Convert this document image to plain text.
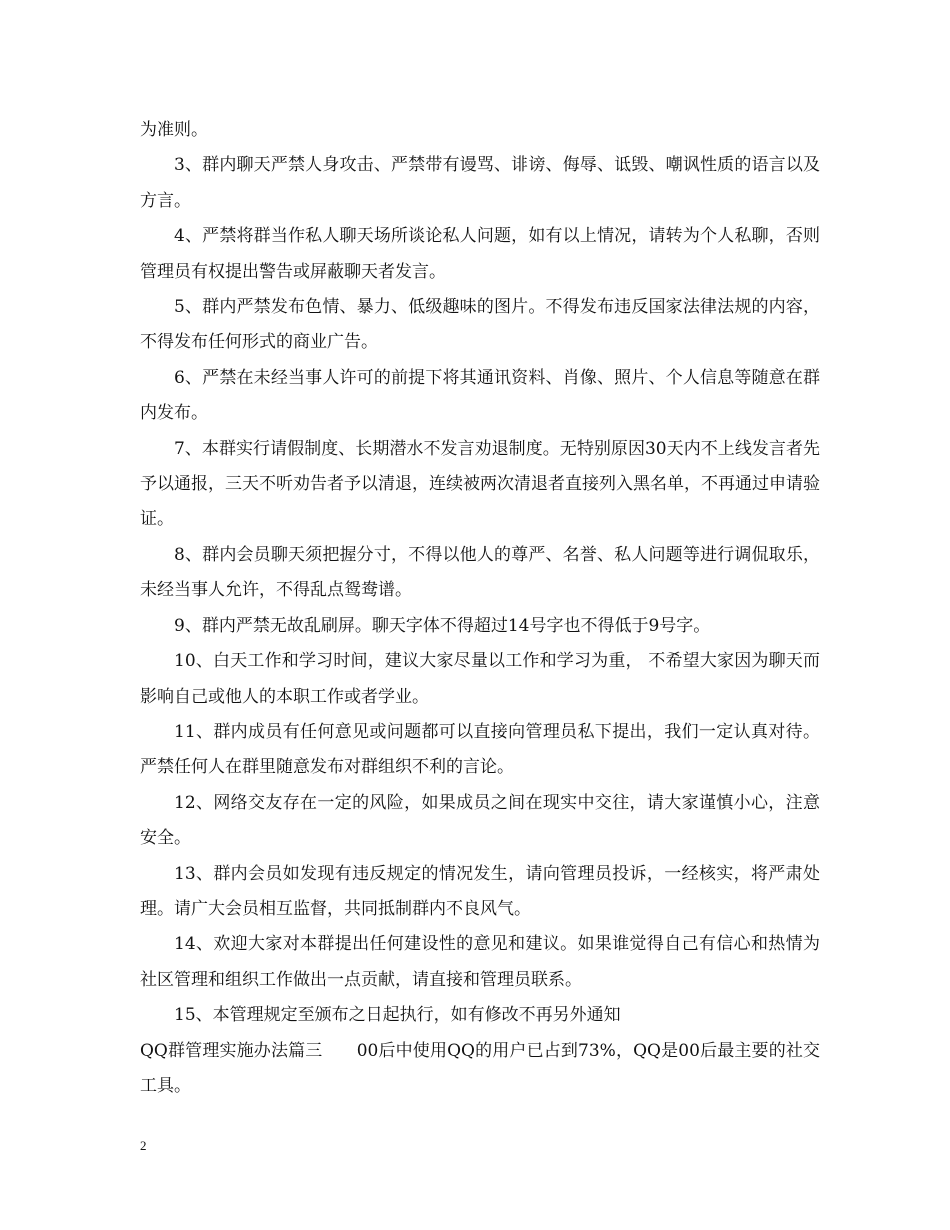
为准则。

3、群内聊天严禁人身攻击、严禁带有谩骂、诽谤、侮辱、诋毁、嘲讽性质的语言以及方言。

4、严禁将群当作私人聊天场所谈论私人问题，如有以上情况，请转为个人私聊，否则管理员有权提出警告或屏蔽聊天者发言。

5、群内严禁发布色情、暴力、低级趣味的图片。不得发布违反国家法律法规的内容，不得发布任何形式的商业广告。

6、严禁在未经当事人许可的前提下将其通讯资料、肖像、照片、个人信息等随意在群内发布。

7、本群实行请假制度、长期潜水不发言劝退制度。无特别原因30天内不上线发言者先予以通报，三天不听劝告者予以清退，连续被两次清退者直接列入黑名单，不再通过申请验证。

8、群内会员聊天须把握分寸，不得以他人的尊严、名誉、私人问题等进行调侃取乐，未经当事人允许，不得乱点鸳鸯谱。

9、群内严禁无故乱刷屏。聊天字体不得超过14号字也不得低于9号字。

10、白天工作和学习时间，建议大家尽量以工作和学习为重， 不希望大家因为聊天而影响自己或他人的本职工作或者学业。

11、群内成员有任何意见或问题都可以直接向管理员私下提出，我们一定认真对待。严禁任何人在群里随意发布对群组织不利的言论。

12、网络交友存在一定的风险，如果成员之间在现实中交往，请大家谨慎小心，注意安全。

13、群内会员如发现有违反规定的情况发生，请向管理员投诉，一经核实，将严肃处理。请广大会员相互监督，共同抵制群内不良风气。

14、欢迎大家对本群提出任何建设性的意见和建议。如果谁觉得自己有信心和热情为社区管理和组织工作做出一点贡献，请直接和管理员联系。

15、本管理规定至颁布之日起执行，如有修改不再另外通知

QQ群管理实施办法篇三　　00后中使用QQ的用户已占到73%，QQ是00后最主要的社交工具。

2
